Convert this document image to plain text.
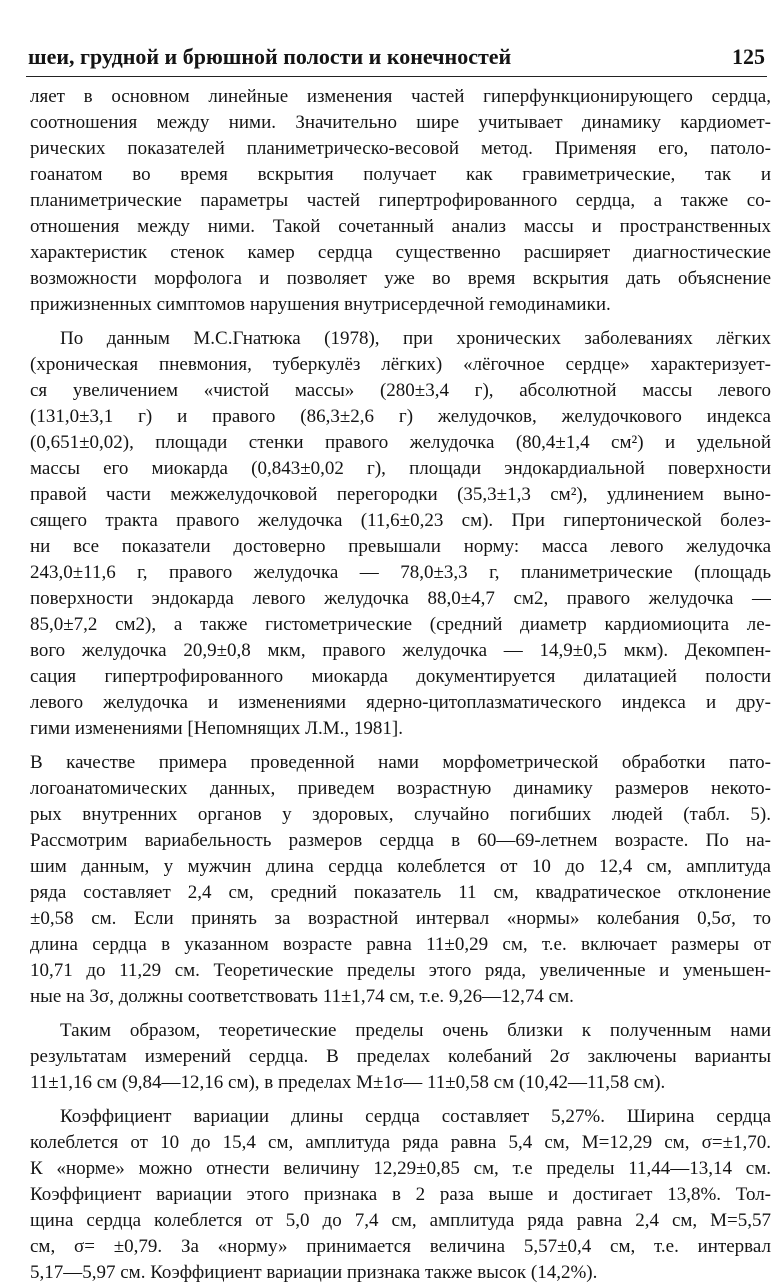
шеи, грудной и брюшной полости и конечностей	125
ляет в основном линейные изменения частей гиперфункционирующего сердца,
соотношения между ними. Значительно шире учитывает динамику кардиомет-
рических показателей планиметрическо-весовой метод. Применяя его, патоло-
гоанатом во время вскрытия получает как гравиметрические, так и
планиметрические параметры частей гипертрофированного сердца, а также со-
отношения между ними. Такой сочетанный анализ массы и пространственных
характеристик стенок камер сердца существенно расширяет диагностические
возможности морфолога и позволяет уже во время вскрытия дать объяснение
прижизненных симптомов нарушения внутрисердечной гемодинамики.
По данным М.С.Гнатюка (1978), при хронических заболеваниях лёгких
(хроническая пневмония, туберкулёз лёгких) «лёгочное сердце» характеризует-
ся увеличением «чистой массы» (280±3,4 г), абсолютной массы левого
(131,0±3,1 г) и правого (86,3±2,6 г) желудочков, желудочкового индекса
(0,651±0,02), площади стенки правого желудочка (80,4±1,4 см²) и удельной
массы его миокарда (0,843±0,02 г), площади эндокардиальной поверхности
правой части межжелудочковой перегородки (35,3±1,3 см²), удлинением выно-
сящего тракта правого желудочка (11,6±0,23 см). При гипертонической болез-
ни все показатели достоверно превышали норму: масса левого желудочка
243,0±11,6 г, правого желудочка — 78,0±3,3 г, планиметрические (площадь
поверхности эндокарда левого желудочка 88,0±4,7 см2, правого желудочка —
85,0±7,2 см2), а также гистометрические (средний диаметр кардиомиоцита ле-
вого желудочка 20,9±0,8 мкм, правого желудочка — 14,9±0,5 мкм). Декомпен-
сация гипертрофированного миокарда документируется дилатацией полости
левого желудочка и изменениями ядерно-цитоплазматического индекса и дру-
гими изменениями [Непомнящих Л.М., 1981].
В качестве примера проведенной нами морфометрической обработки пато-
логоанатомических данных, приведем возрастную динамику размеров некото-
рых внутренних органов у здоровых, случайно погибших людей (табл. 5).
Рассмотрим вариабельность размеров сердца в 60—69-летнем возрасте. По на-
шим данным, у мужчин длина сердца колеблется от 10 до 12,4 см, амплитуда
ряда составляет 2,4 см, средний показатель 11 см, квадратическое отклонение
±0,58 см. Если принять за возрастной интервал «нормы» колебания 0,5σ, то
длина сердца в указанном возрасте равна 11±0,29 см, т.е. включает размеры от
10,71 до 11,29 см. Теоретические пределы этого ряда, увеличенные и уменьшен-
ные на 3σ, должны соответствовать 11±1,74 см, т.е. 9,26—12,74 см.
Таким образом, теоретические пределы очень близки к полученным нами
результатам измерений сердца. В пределах колебаний 2σ заключены варианты
11±1,16 см (9,84—12,16 см), в пределах M±1σ— 11±0,58 см (10,42—11,58 см).
Коэффициент вариации длины сердца составляет 5,27%. Ширина сердца
колеблется от 10 до 15,4 см, амплитуда ряда равна 5,4 см, M=12,29 см, σ=±1,70.
К «норме» можно отнести величину 12,29±0,85 см, т.е пределы 11,44—13,14 см.
Коэффициент вариации этого признака в 2 раза выше и достигает 13,8%. Тол-
щина сердца колеблется от 5,0 до 7,4 см, амплитуда ряда равна 2,4 см, M=5,57
см, σ= ±0,79. За «норму» принимается величина 5,57±0,4 см, т.е. интервал
5,17—5,97 см. Коэффициент вариации признака также высок (14,2%).
